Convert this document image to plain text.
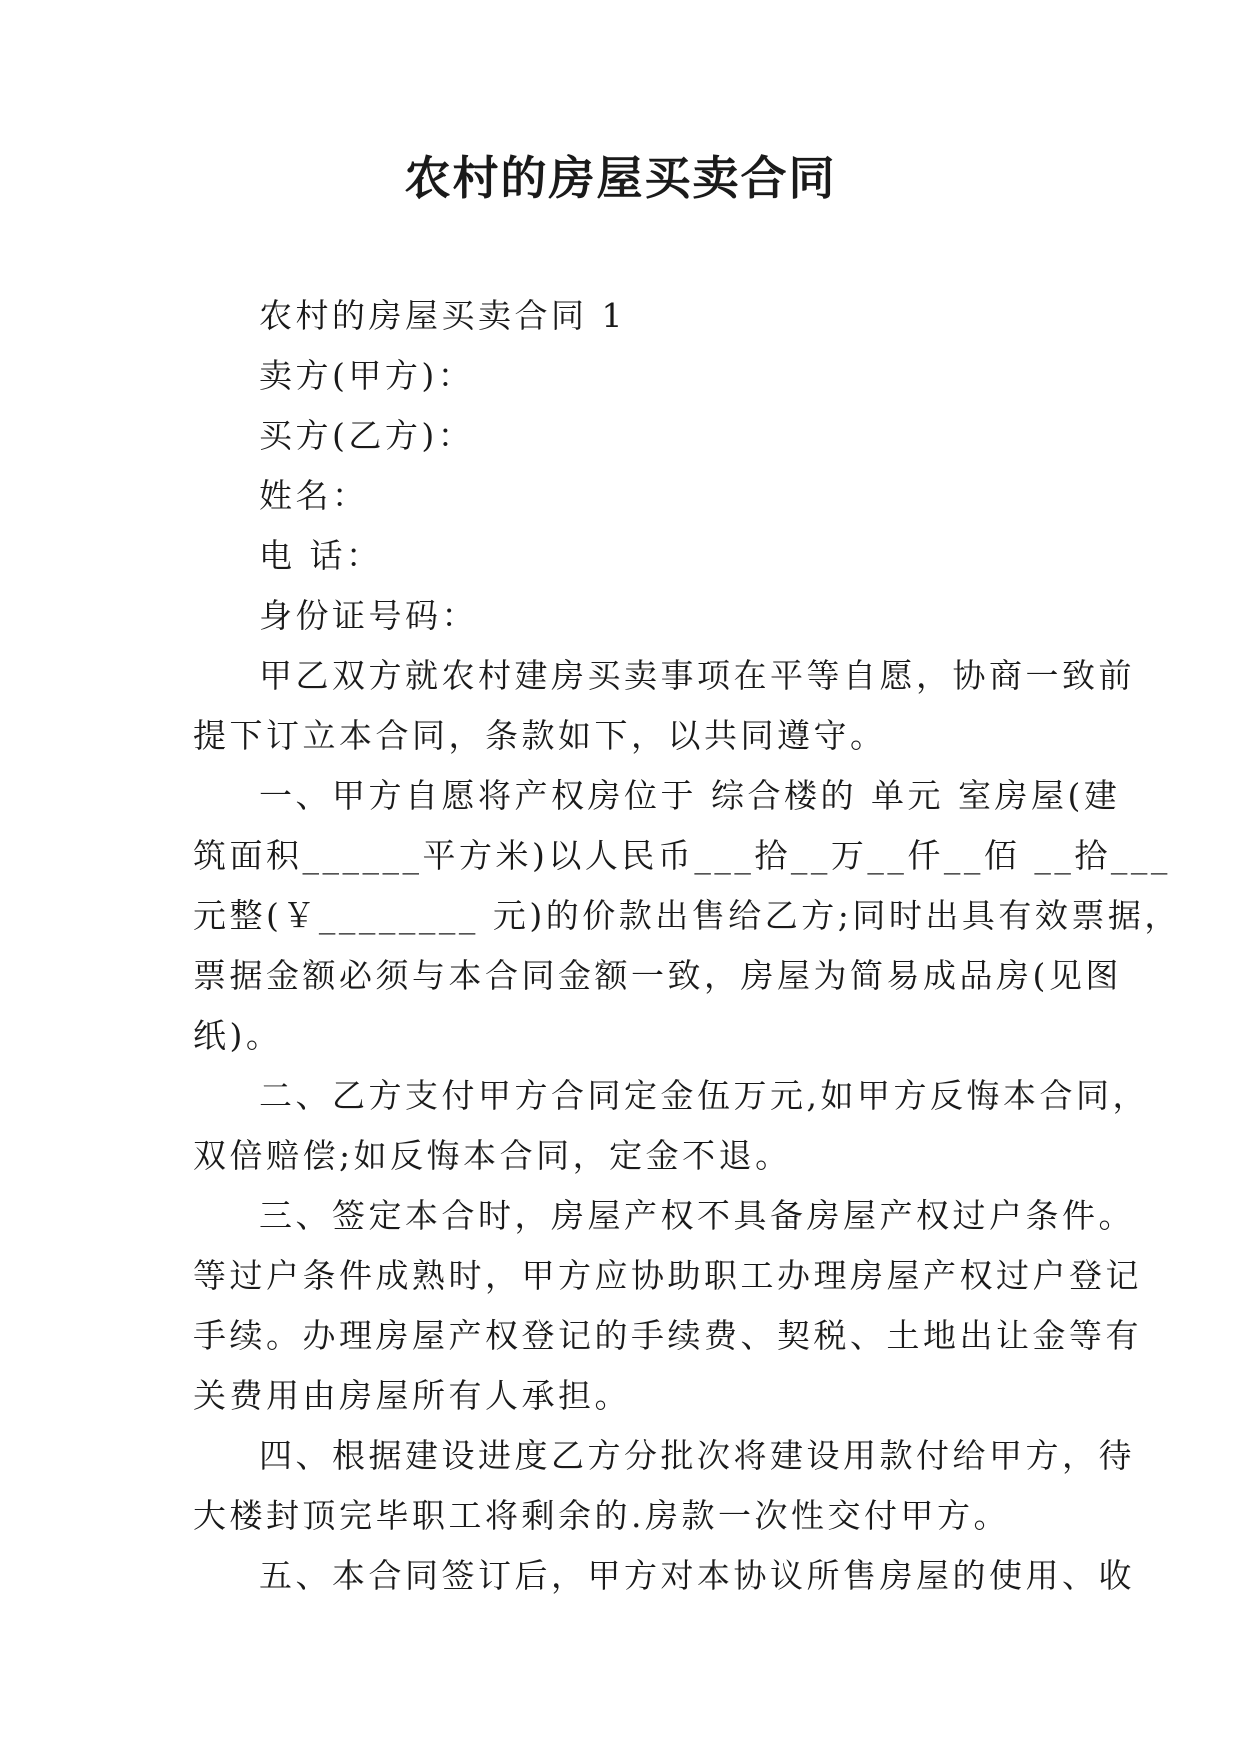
农村的房屋买卖合同

农村的房屋买卖合同 1

卖方(甲方)：

买方(乙方)：

姓名：

电 话：

身份证号码：

甲乙双方就农村建房买卖事项在平等自愿，协商一致前

提下订立本合同，条款如下，以共同遵守。

一、甲方自愿将产权房位于 综合楼的 单元 室房屋(建

筑面积______平方米)以人民币___拾__万__仟__佰 __拾___

元整(￥________ 元)的价款出售给乙方;同时出具有效票据，

票据金额必须与本合同金额一致，房屋为简易成品房(见图

纸)。

二、乙方支付甲方合同定金伍万元,如甲方反悔本合同，

双倍赔偿;如反悔本合同，定金不退。

三、签定本合时，房屋产权不具备房屋产权过户条件。

等过户条件成熟时，甲方应协助职工办理房屋产权过户登记

手续。办理房屋产权登记的手续费、契税、土地出让金等有

关费用由房屋所有人承担。

四、根据建设进度乙方分批次将建设用款付给甲方，待

大楼封顶完毕职工将剩余的.房款一次性交付甲方。

五、本合同签订后，甲方对本协议所售房屋的使用、收
